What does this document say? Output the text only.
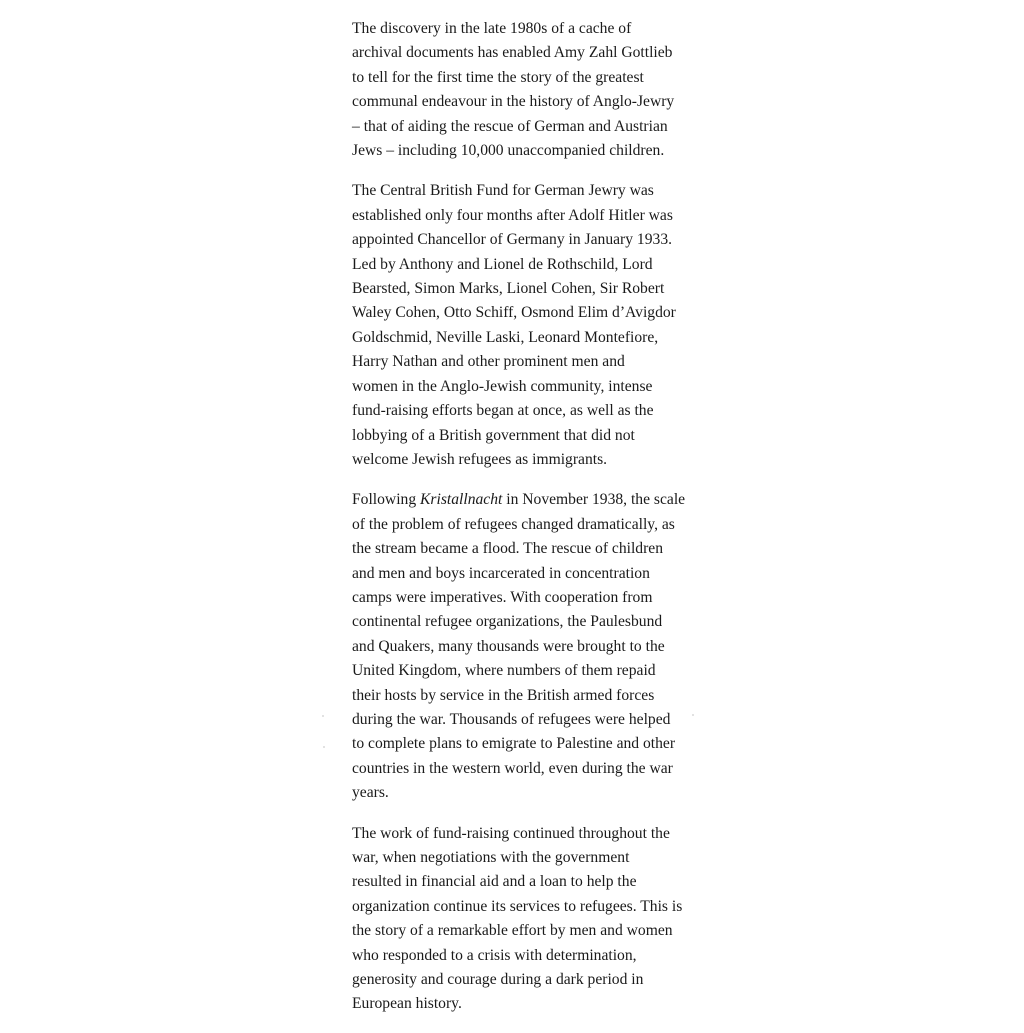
The discovery in the late 1980s of a cache of
archival documents has enabled Amy Zahl Gottlieb
to tell for the first time the story of the greatest
communal endeavour in the history of Anglo-Jewry
– that of aiding the rescue of German and Austrian
Jews – including 10,000 unaccompanied children.

The Central British Fund for German Jewry was
established only four months after Adolf Hitler was
appointed Chancellor of Germany in January 1933.
Led by Anthony and Lionel de Rothschild, Lord
Bearsted, Simon Marks, Lionel Cohen, Sir Robert
Waley Cohen, Otto Schiff, Osmond Elim d’Avigdor
Goldschmid, Neville Laski, Leonard Montefiore,
Harry Nathan and other prominent men and
women in the Anglo-Jewish community, intense
fund-raising efforts began at once, as well as the
lobbying of a British government that did not
welcome Jewish refugees as immigrants.

Following Kristallnacht in November 1938, the scale
of the problem of refugees changed dramatically, as
the stream became a flood. The rescue of children
and men and boys incarcerated in concentration
camps were imperatives. With cooperation from
continental refugee organizations, the Paulesbund
and Quakers, many thousands were brought to the
United Kingdom, where numbers of them repaid
their hosts by service in the British armed forces
during the war. Thousands of refugees were helped
to complete plans to emigrate to Palestine and other
countries in the western world, even during the war
years.

The work of fund-raising continued throughout the
war, when negotiations with the government
resulted in financial aid and a loan to help the
organization continue its services to refugees. This is
the story of a remarkable effort by men and women
who responded to a crisis with determination,
generosity and courage during a dark period in
European history.
